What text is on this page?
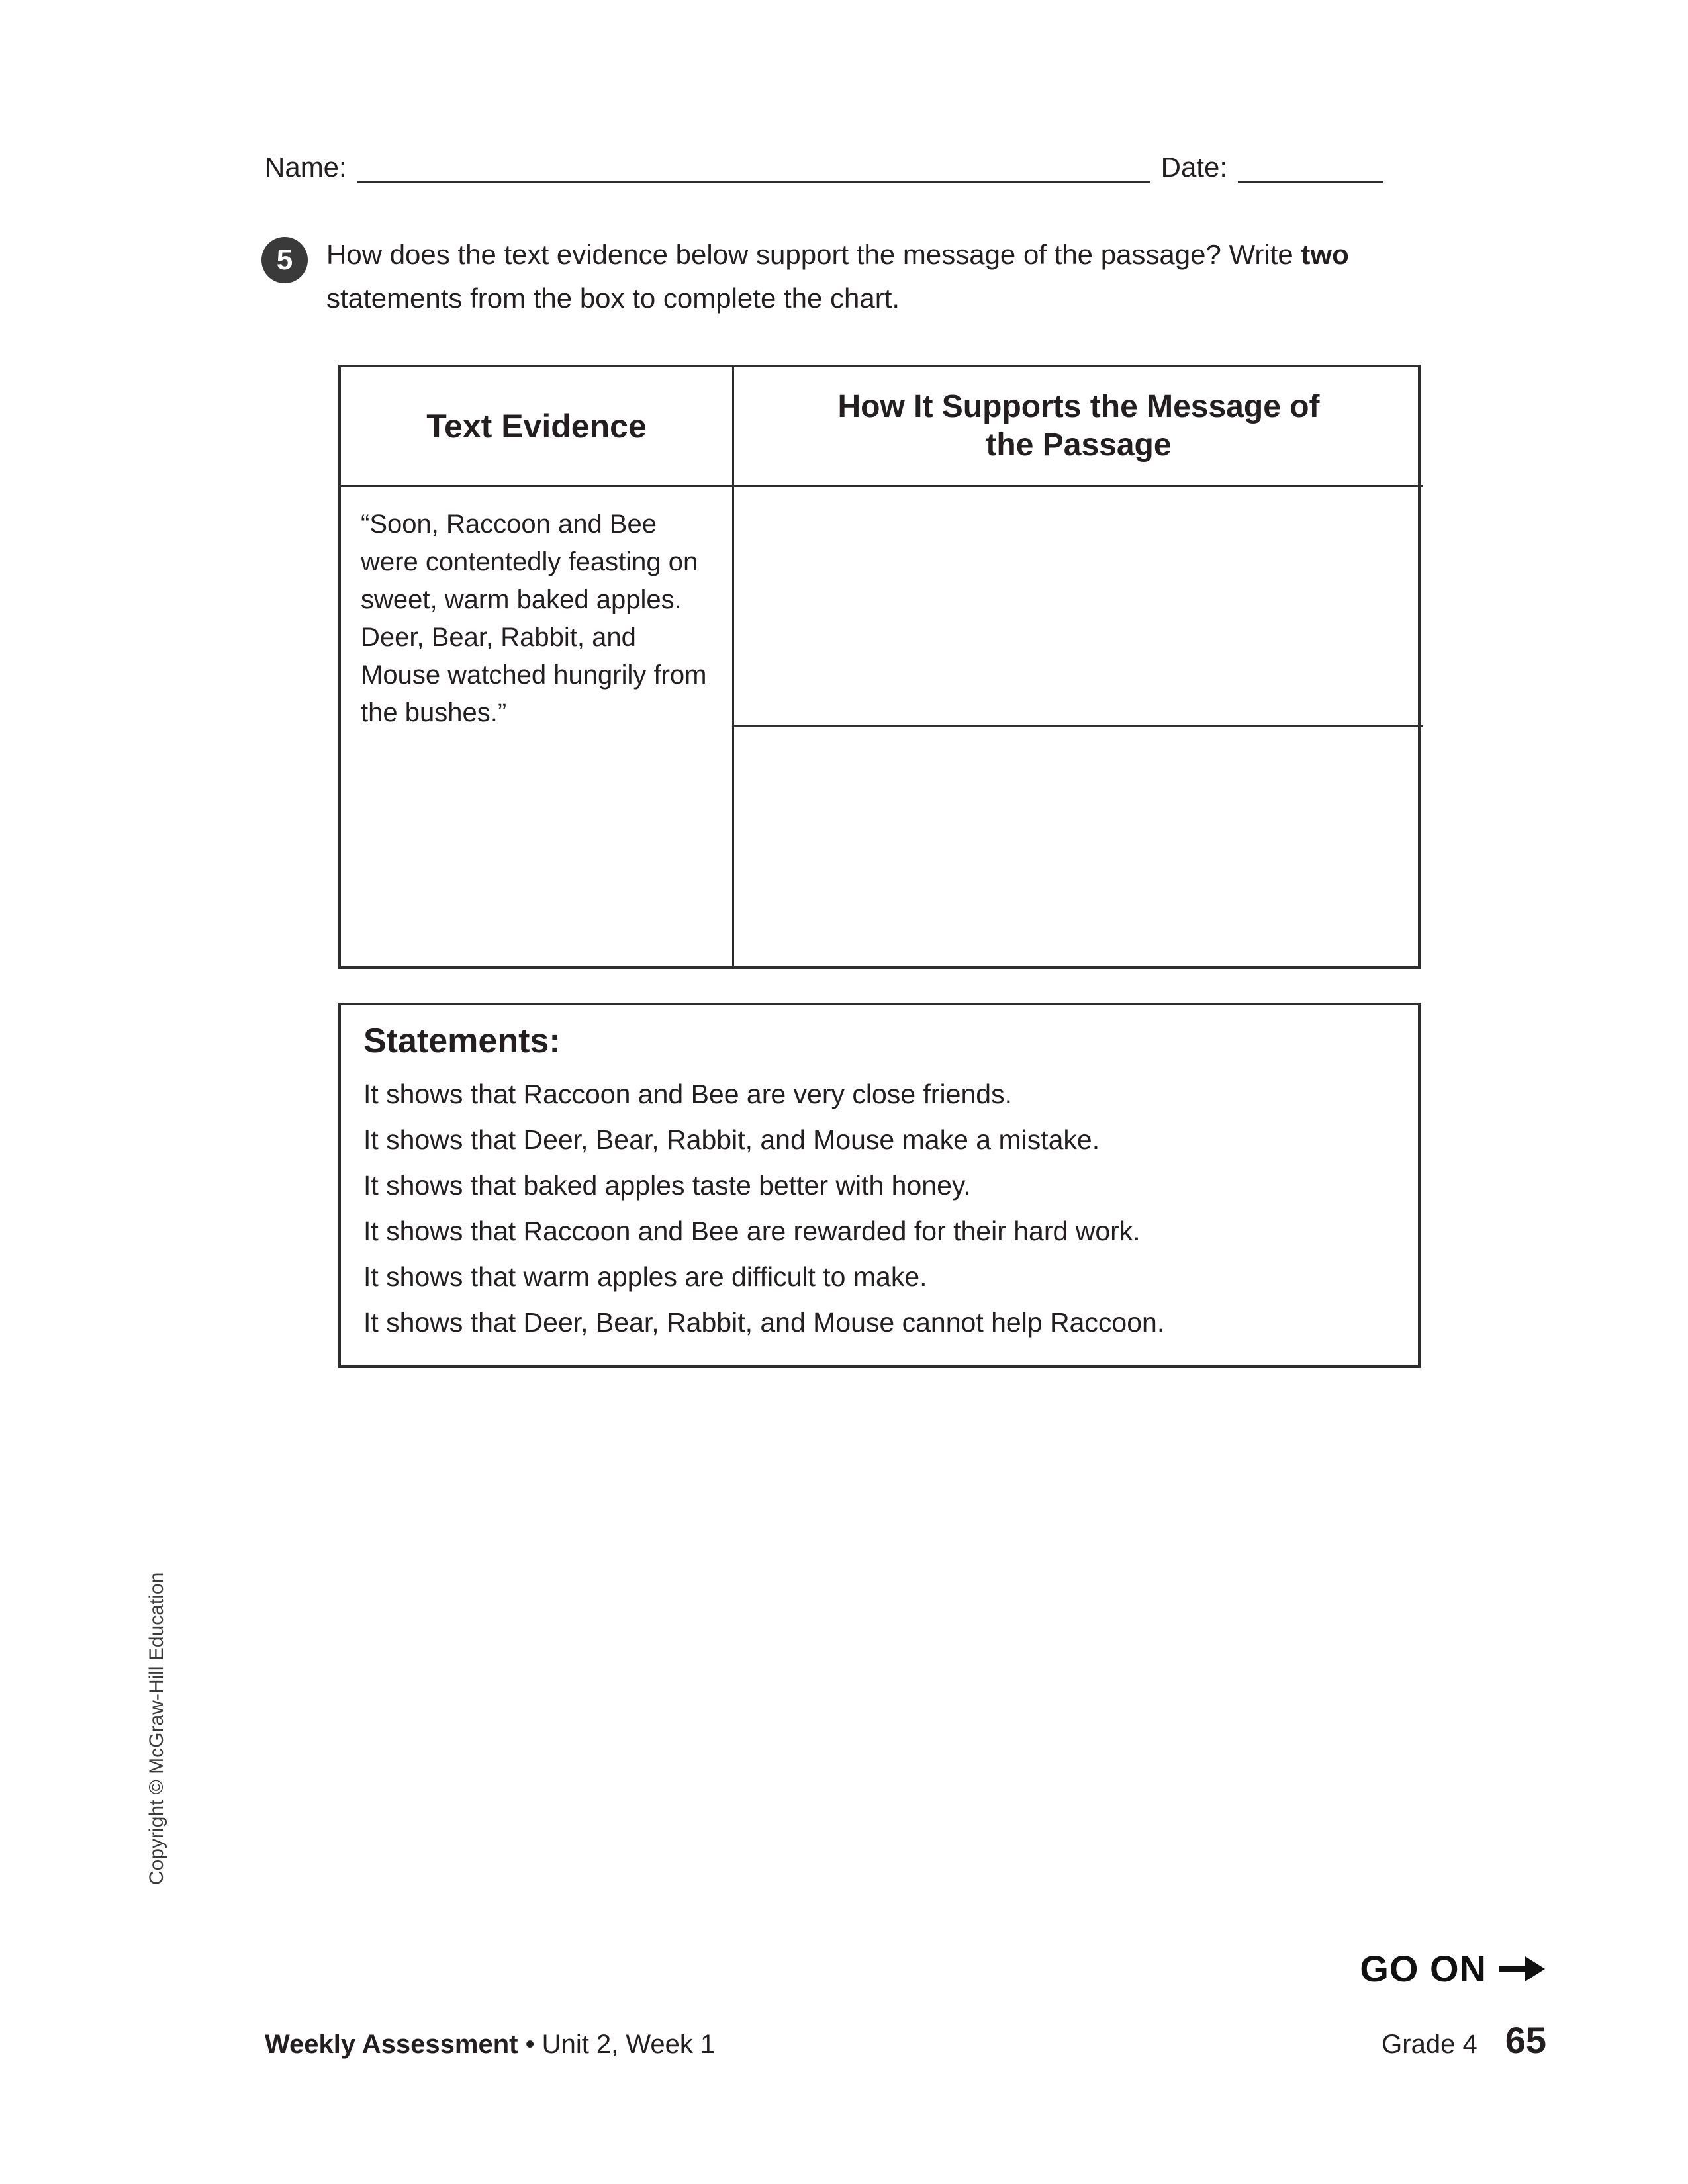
Name:	Date:
5 How does the text evidence below support the message of the passage? Write two statements from the box to complete the chart.

Text Evidence
How It Supports the Message of the Passage
“Soon, Raccoon and Bee were contentedly feasting on sweet, warm baked apples. Deer, Bear, Rabbit, and Mouse watched hungrily from the bushes.”

Statements:

It shows that Raccoon and Bee are very close friends.

It shows that Deer, Bear, Rabbit, and Mouse make a mistake.

It shows that baked apples taste better with honey.

It shows that Raccoon and Bee are rewarded for their hard work.

It shows that warm apples are difficult to make.

It shows that Deer, Bear, Rabbit, and Mouse cannot help Raccoon.

Copyright © McGraw-Hill Education
GO ON
Weekly Assessment • Unit 2, Week 1	Grade 4 65
